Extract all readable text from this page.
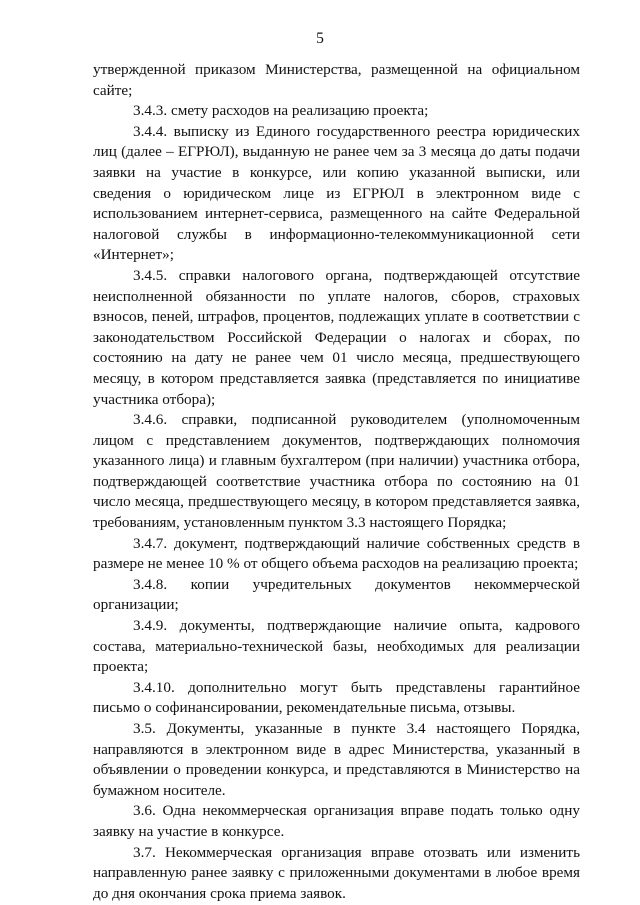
5

утвержденной приказом Министерства, размещенной на официальном сайте;

3.4.3. смету расходов на реализацию проекта;

3.4.4. выписку из Единого государственного реестра юридических лиц (далее – ЕГРЮЛ), выданную не ранее чем за 3 месяца до даты подачи заявки на участие в конкурсе, или копию указанной выписки, или сведения о юридическом лице из ЕГРЮЛ в электронном виде с использованием интернет-сервиса, размещенного на сайте Федеральной налоговой службы в информационно-телекоммуникационной сети «Интернет»;

3.4.5. справки налогового органа, подтверждающей отсутствие неисполненной обязанности по уплате налогов, сборов, страховых взносов, пеней, штрафов, процентов, подлежащих уплате в соответствии с законодательством Российской Федерации о налогах и сборах, по состоянию на дату не ранее чем 01 число месяца, предшествующего месяцу, в котором представляется заявка (представляется по инициативе участника отбора);

3.4.6. справки, подписанной руководителем (уполномоченным лицом с представлением документов, подтверждающих полномочия указанного лица) и главным бухгалтером (при наличии) участника отбора, подтверждающей соответствие участника отбора по состоянию на 01 число месяца, предшествующего месяцу, в котором представляется заявка, требованиям, установленным пунктом 3.3 настоящего Порядка;

3.4.7. документ, подтверждающий наличие собственных средств в размере не менее 10 % от общего объема расходов на реализацию проекта;

3.4.8. копии учредительных документов некоммерческой организации;

3.4.9. документы, подтверждающие наличие опыта, кадрового состава, материально-технической базы, необходимых для реализации проекта;

3.4.10. дополнительно могут быть представлены гарантийное письмо о софинансировании, рекомендательные письма, отзывы.

3.5. Документы, указанные в пункте 3.4 настоящего Порядка, направляются в электронном виде в адрес Министерства, указанный в объявлении о проведении конкурса, и представляются в Министерство на бумажном носителе.

3.6. Одна некоммерческая организация вправе подать только одну заявку на участие в конкурсе.

3.7. Некоммерческая организация вправе отозвать или изменить направленную ранее заявку с приложенными документами в любое время до дня окончания срока приема заявок.
